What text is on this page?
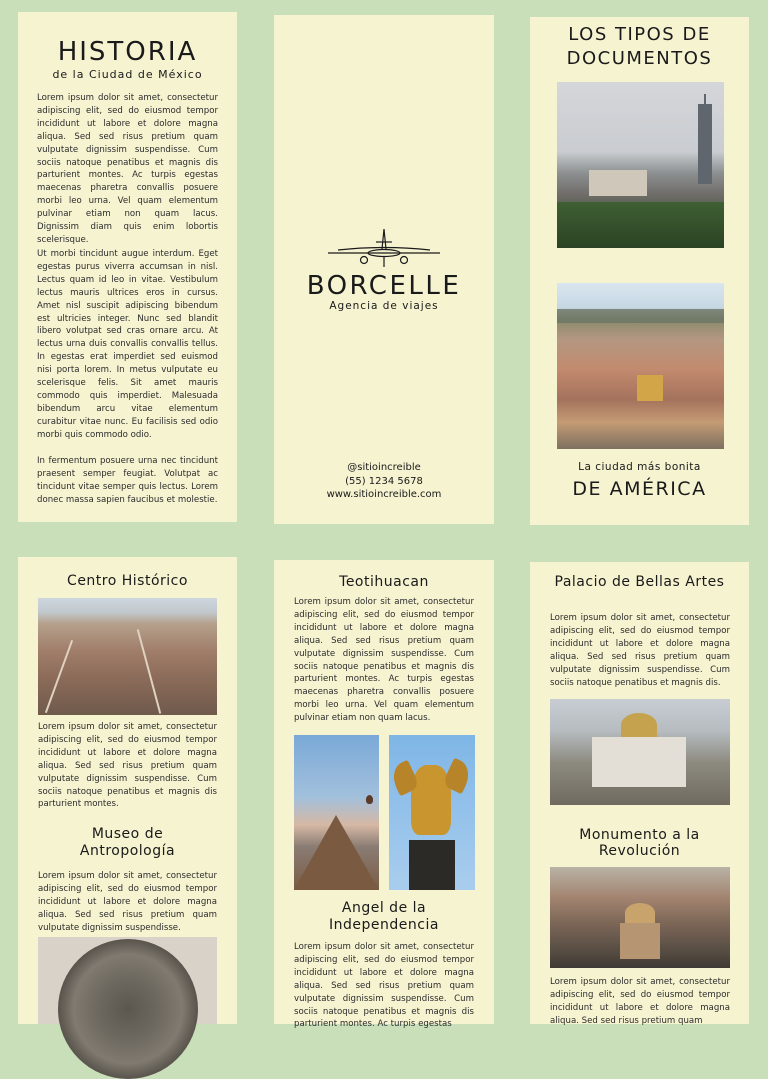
HISTORIA

de la Ciudad de México

Lorem ipsum dolor sit amet, consectetur adipiscing elit, sed do eiusmod tempor incididunt ut labore et dolore magna aliqua. Sed sed risus pretium quam vulputate dignissim suspendisse. Cum sociis natoque penatibus et magnis dis parturient montes. Ac turpis egestas maecenas pharetra convallis posuere morbi leo urna. Vel quam elementum pulvinar etiam non quam lacus. Dignissim diam quis enim lobortis scelerisque.

Ut morbi tincidunt augue interdum. Eget egestas purus viverra accumsan in nisl. Lectus quam id leo in vitae. Vestibulum lectus mauris ultrices eros in cursus. Amet nisl suscipit adipiscing bibendum est ultricies integer. Nunc sed blandit libero volutpat sed cras ornare arcu. At lectus urna duis convallis convallis tellus. In egestas erat imperdiet sed euismod nisi porta lorem. In metus vulputate eu scelerisque felis. Sit amet mauris commodo quis imperdiet. Malesuada bibendum arcu vitae elementum curabitur vitae nunc. Eu facilisis sed odio morbi quis commodo odio.

In fermentum posuere urna nec tincidunt praesent semper feugiat. Volutpat ac tincidunt vitae semper quis lectus. Lorem donec massa sapien faucibus et molestie.

BORCELLE

Agencia de viajes

@sitioincreible

(55) 1234 5678

www.sitioincreible.com

LOS TIPOS DE
DOCUMENTOS

La ciudad más bonita

DE AMÉRICA
Centro Histórico

Lorem ipsum dolor sit amet, consectetur adipiscing elit, sed do eiusmod tempor incididunt ut labore et dolore magna aliqua. Sed sed risus pretium quam vulputate dignissim suspendisse. Cum sociis natoque penatibus et magnis dis parturient montes.

Museo de
Antropología

Lorem ipsum dolor sit amet, consectetur adipiscing elit, sed do eiusmod tempor incididunt ut labore et dolore magna aliqua. Sed sed risus pretium quam vulputate dignissim suspendisse.

Teotihuacan

Lorem ipsum dolor sit amet, consectetur adipiscing elit, sed do eiusmod tempor incididunt ut labore et dolore magna aliqua. Sed sed risus pretium quam vulputate dignissim suspendisse. Cum sociis natoque penatibus et magnis dis parturient montes. Ac turpis egestas maecenas pharetra convallis posuere morbi leo urna. Vel quam elementum pulvinar etiam non quam lacus.

Angel de la
Independencia

Lorem ipsum dolor sit amet, consectetur adipiscing elit, sed do eiusmod tempor incididunt ut labore et dolore magna aliqua. Sed sed risus pretium quam vulputate dignissim suspendisse. Cum sociis natoque penatibus et magnis dis parturient montes. Ac turpis egestas

Palacio de Bellas Artes

Lorem ipsum dolor sit amet, consectetur adipiscing elit, sed do eiusmod tempor incididunt ut labore et dolore magna aliqua. Sed sed risus pretium quam vulputate dignissim suspendisse. Cum sociis natoque penatibus et magnis dis.

Monumento a la
Revolución

Lorem ipsum dolor sit amet, consectetur adipiscing elit, sed do eiusmod tempor incididunt ut labore et dolore magna aliqua. Sed sed risus pretium quam
